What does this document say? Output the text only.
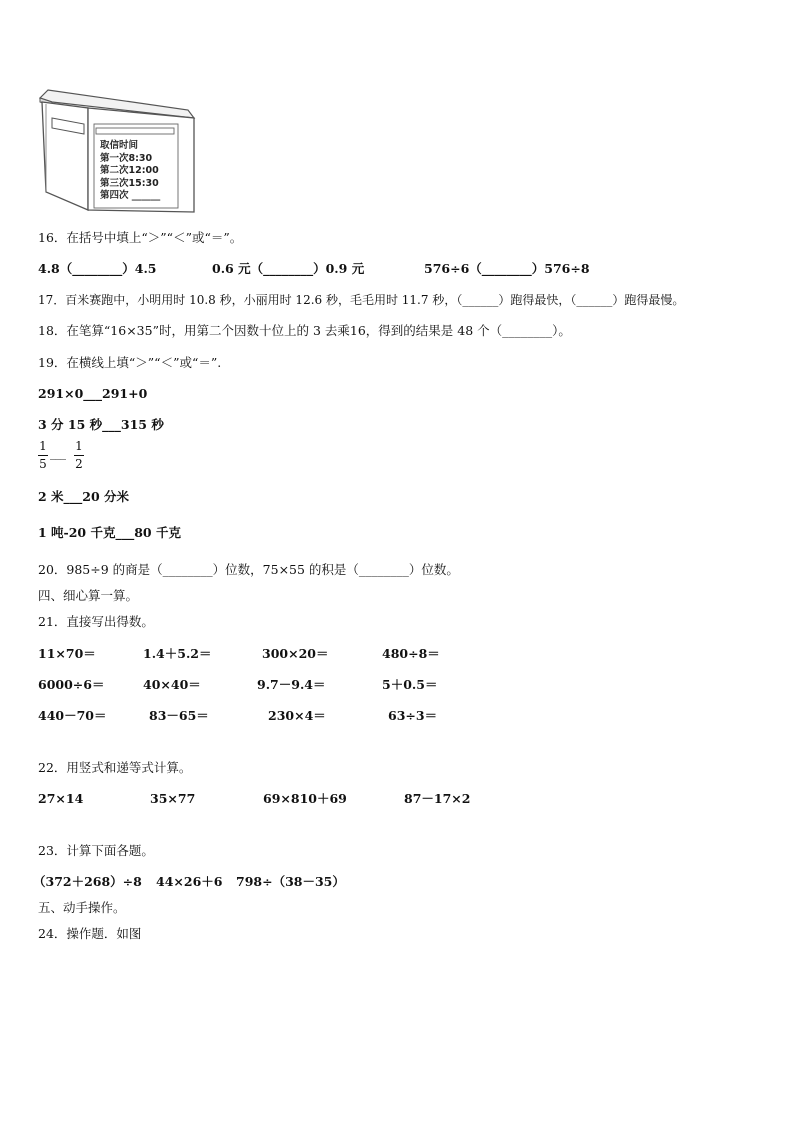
取信时间
第一次8:30
第二次12:00
第三次15:30
第四次 ______
16．在括号中填上“＞”“＜”或“＝”。
4.8（________）4.5	0.6 元（________）0.9 元	576÷6（________）576÷8
17．百米赛跑中，小明用时 10.8 秒，小丽用时 12.6 秒，毛毛用时 11.7 秒，（______）跑得最快，（______）跑得最慢。
18．在笔算“16×35”时，用第二个因数十位上的 3 去乘16，得到的结果是 48 个（________）。
19．在横线上填“＞”“＜”或“＝”.
291×0___291+0
3 分 15 秒___315 秒
1
5
___ 1
2
2 米___20 分米
1 吨-20 千克___80 千克
20．985÷9 的商是（________）位数，75×55 的积是（________）位数。
四、细心算一算。
21．直接写出得数。
11×70＝	1.4＋5.2＝	300×20＝	480÷8＝
6000÷6＝	40×40＝	9.7－9.4＝	5＋0.5＝
440－70＝	83－65＝	230×4＝	63÷3＝
22．用竖式和递等式计算。
27×14	35×77	69×810＋69	87－17×2
23．计算下面各题。
（372＋268）÷8 44×26＋6 798÷（38－35）
五、动手操作。
24．操作题．如图
